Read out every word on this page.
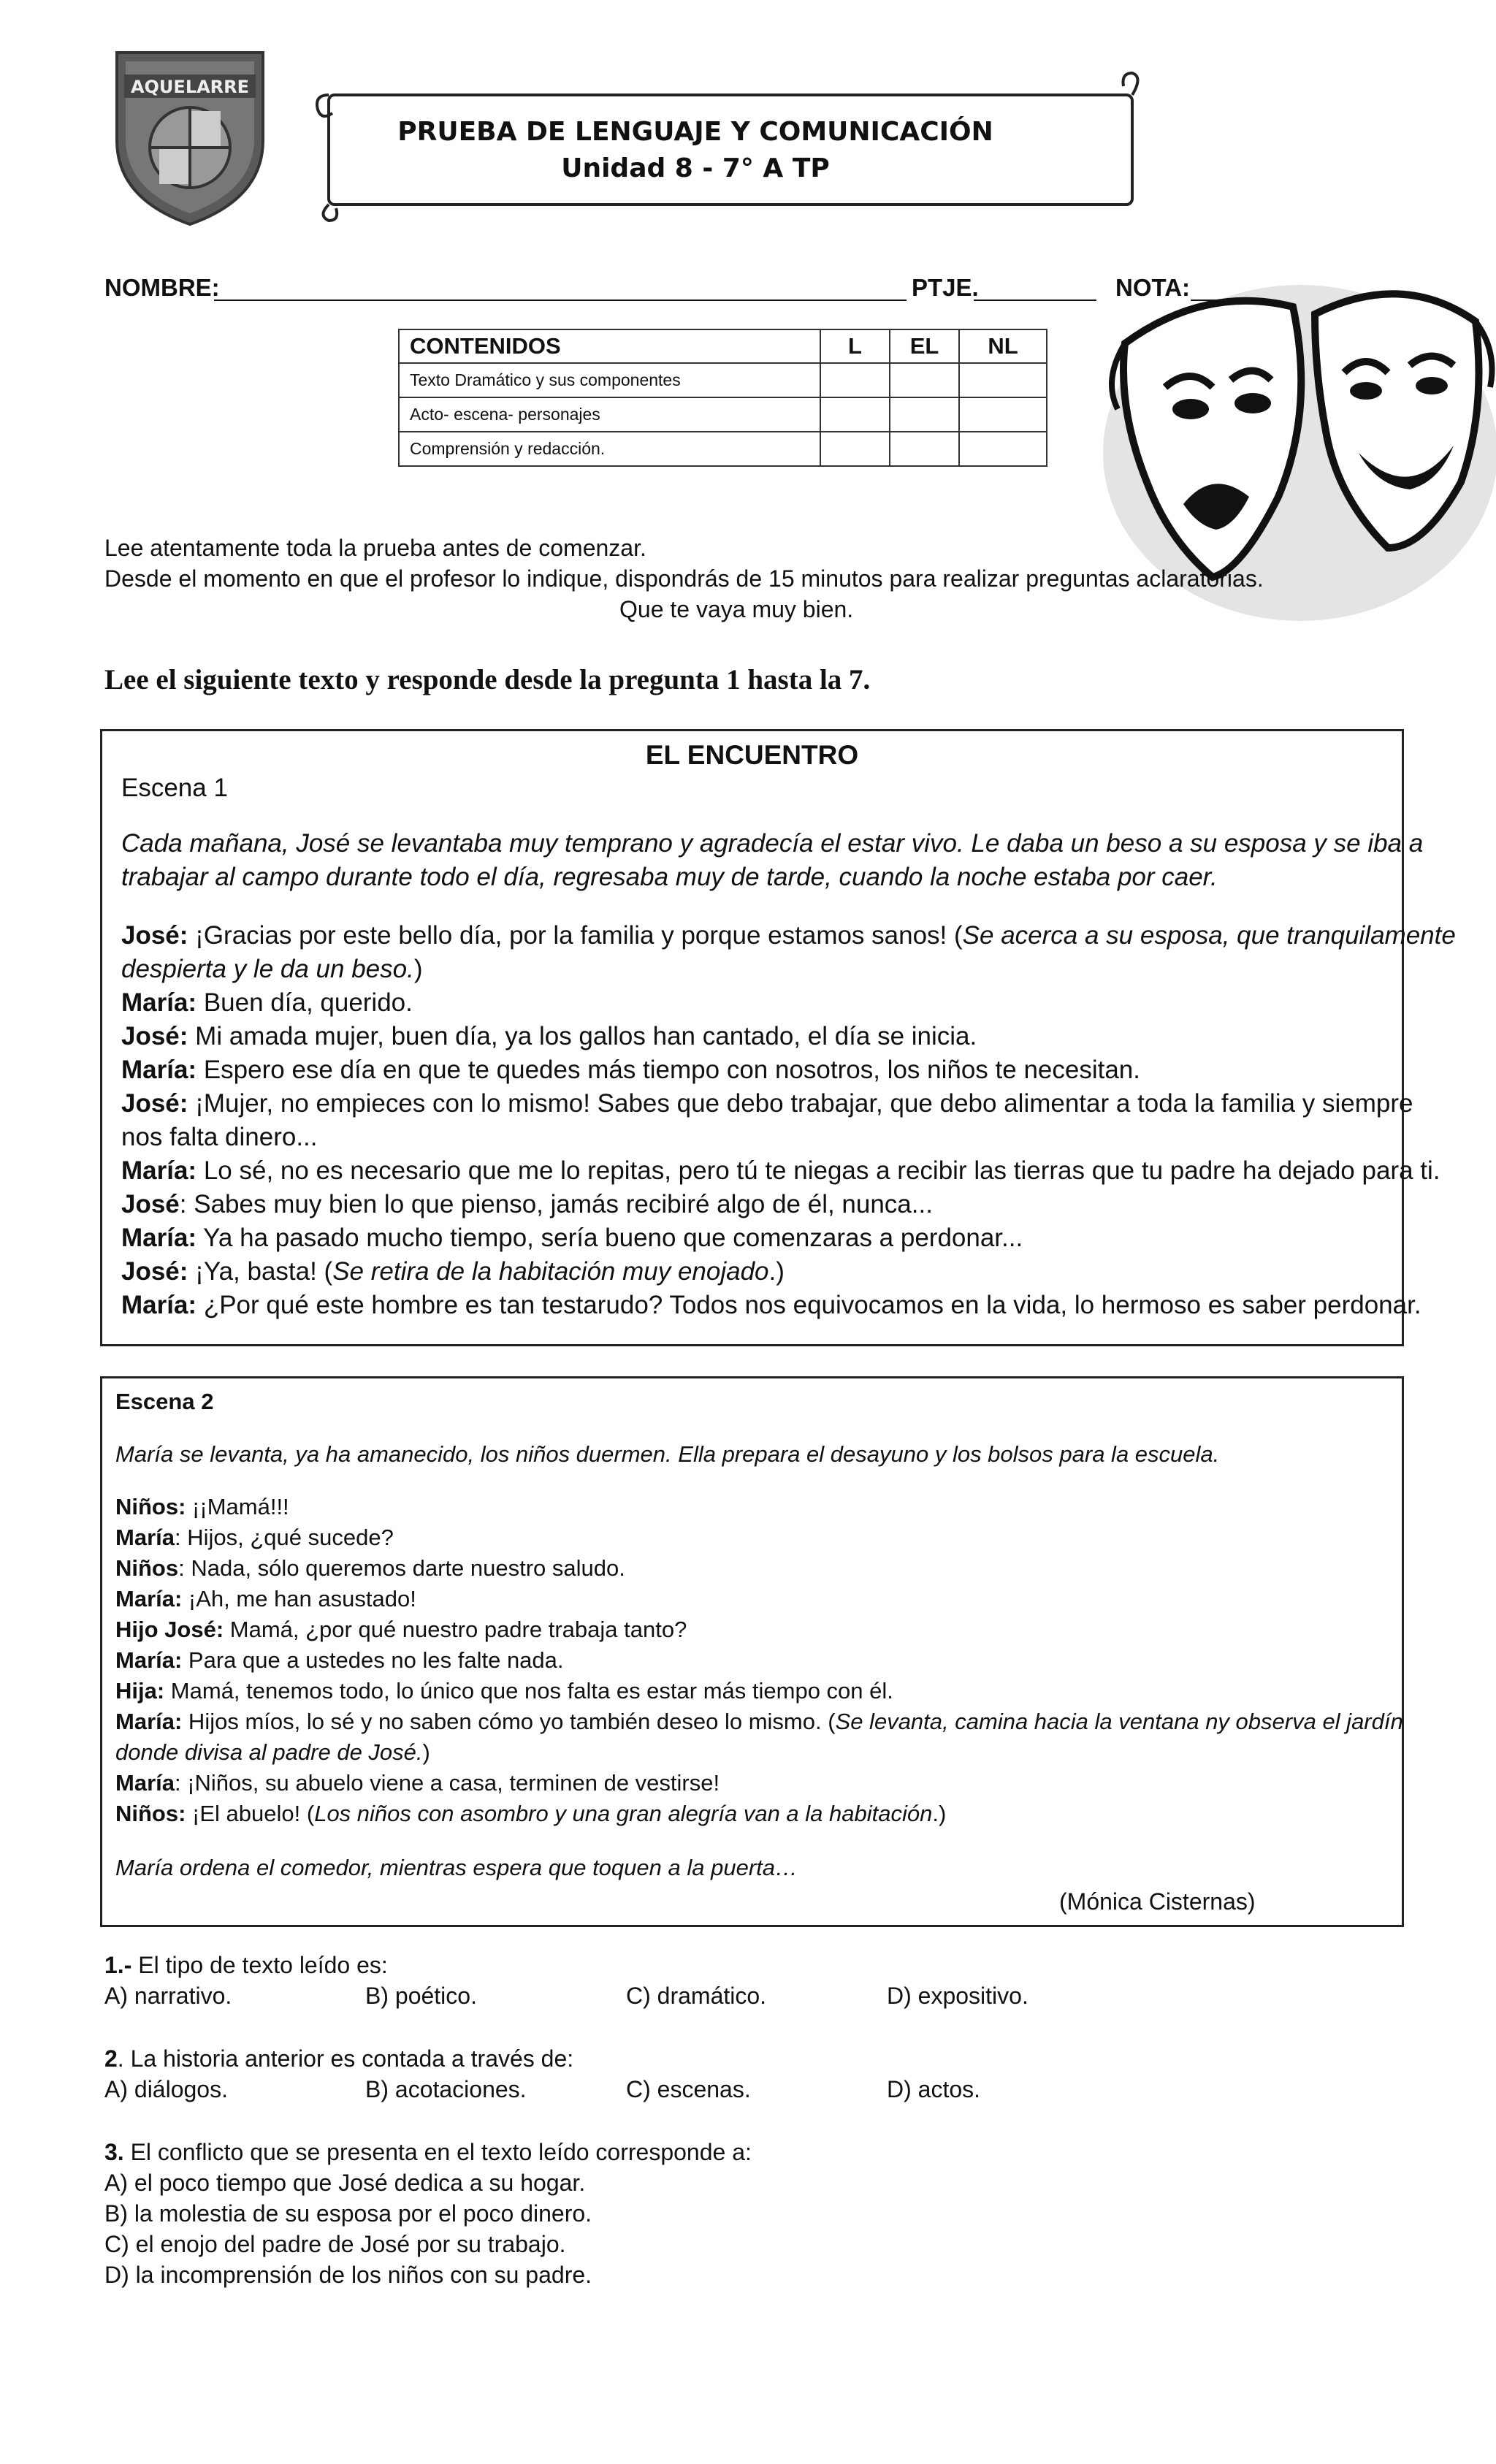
AQUELARRE
PRUEBA DE LENGUAJE Y COMUNICACIÓN
Unidad 8 - 7° A TP
NOMBRE:	PTJE.	NOTA:
CONTENIDOS	L	EL	NL
Texto Dramático y sus componentes			
Acto- escena- personajes			
Comprensión y redacción.			
Lee atentamente toda la prueba antes de comenzar.
Desde el momento en que el profesor lo indique, dispondrás de 15 minutos para realizar preguntas aclaratorias.
Que te vaya muy bien.
Lee el siguiente texto y responde desde la pregunta 1 hasta la 7.
EL ENCUENTRO
Escena 1
Cada mañana, José se levantaba muy temprano y agradecía el estar vivo. Le daba un beso a su esposa y se iba a
trabajar al campo durante todo el día, regresaba muy de tarde, cuando la noche estaba por caer.
José: ¡Gracias por este bello día, por la familia y porque estamos sanos! (Se acerca a su esposa, que tranquilamente
despierta y le da un beso.)
María: Buen día, querido.
José: Mi amada mujer, buen día, ya los gallos han cantado, el día se inicia.
María: Espero ese día en que te quedes más tiempo con nosotros, los niños te necesitan.
José: ¡Mujer, no empieces con lo mismo! Sabes que debo trabajar, que debo alimentar a toda la familia y siempre
nos falta dinero...
María: Lo sé, no es necesario que me lo repitas, pero tú te niegas a recibir las tierras que tu padre ha dejado para ti.
José: Sabes muy bien lo que pienso, jamás recibiré algo de él, nunca...
María: Ya ha pasado mucho tiempo, sería bueno que comenzaras a perdonar...
José: ¡Ya, basta! (Se retira de la habitación muy enojado.)
María: ¿Por qué este hombre es tan testarudo? Todos nos equivocamos en la vida, lo hermoso es saber perdonar.
Escena 2
María se levanta, ya ha amanecido, los niños duermen. Ella prepara el desayuno y los bolsos para la escuela.
Niños: ¡¡Mamá!!!
María: Hijos, ¿qué sucede?
Niños: Nada, sólo queremos darte nuestro saludo.
María: ¡Ah, me han asustado!
Hijo José: Mamá, ¿por qué nuestro padre trabaja tanto?
María: Para que a ustedes no les falte nada.
Hija: Mamá, tenemos todo, lo único que nos falta es estar más tiempo con él.
María: Hijos míos, lo sé y no saben cómo yo también deseo lo mismo. (Se levanta, camina hacia la ventana ny observa el jardín
donde divisa al padre de José.)
María: ¡Niños, su abuelo viene a casa, terminen de vestirse!
Niños: ¡El abuelo! (Los niños con asombro y una gran alegría van a la habitación.)
María ordena el comedor, mientras espera que toquen a la puerta…
(Mónica Cisternas)
1.- El tipo de texto leído es:
A) narrativo.	B) poético.	C) dramático.	D) expositivo.
2. La historia anterior es contada a través de:
A) diálogos.	B) acotaciones.	C) escenas.	D) actos.
3. El conflicto que se presenta en el texto leído corresponde a:
A) el poco tiempo que José dedica a su hogar.
B) la molestia de su esposa por el poco dinero.
C) el enojo del padre de José por su trabajo.
D) la incomprensión de los niños con su padre.
